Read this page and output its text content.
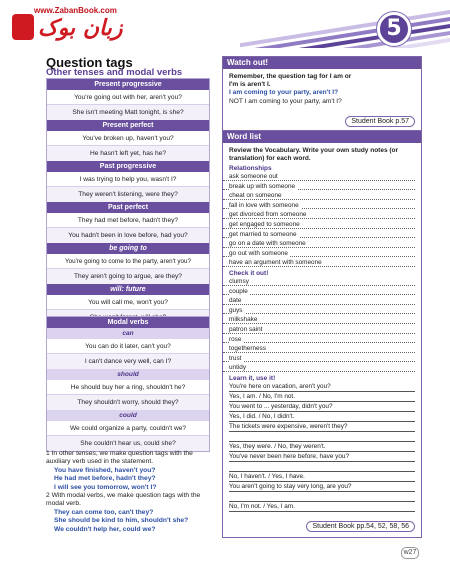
www.ZabanBook.com
زبان بوک	5
Question tags
Other tenses and modal verbs
Present progressive
You're going out with her, aren't you?
She isn't meeting Matt tonight, is she?
Present perfect
You've broken up, haven't you?
He hasn't left yet, has he?
Past progressive
I was trying to help you, wasn't I?
They weren't listening, were they?
Past perfect
They had met before, hadn't they?
You hadn't been in love before, had you?
be going to
You're going to come to the party, aren't you?
They aren't going to argue, are they?
will: future
You will call me, won't you?
Modal verbs
can
You can do it later, can't you?
I can't dance very well, can I?
should
He should buy her a ring, shouldn't he?
They shouldn't worry, should they?
could
We could organize a party, couldn't we?
She couldn't hear us, could she?
1 In other tenses, we make question tags with the auxiliary verb used in the statement.
You have finished, haven't you?
He had met before, hadn't they?
I will see you tomorrow, won't I?
2 With modal verbs, we make question tags with the modal verb.
They can come too, can't they?
She should be kind to him, shouldn't she?
We couldn't help her, could we?
Watch out!
Remember, the question tag for I am or
I'm is aren't I.
I am coming to your party, aren't I?
NOT I am coming to your party, am't I?
Student Book p.57
Word list
Review the Vocabulary. Write your own study notes (or translation) for each word.
Relationships
ask someone out
break up with someone
cheat on someone
fall in love with someone
get divorced from someone
get engaged to someone
get married to someone
go on a date with someone
go out with someone
have an argument with someone
Check it out!
clumsy
couple
date
guys
milkshake
patron saint
rose
togetherness
trust
untidy
Learn it, use it!
You're here on vacation, aren't you?
Yes, I am. / No, I'm not.
You went to ... yesterday, didn't you?
Yes, I did. / No, I didn't.
The tickets were expensive, weren't they?
Yes, they were. / No, they weren't.
You've never been here before, have you?
No, I haven't. / Yes, I have.
You aren't going to stay very long, are you?
No, I'm not. / Yes, I am.
Student Book pp.54, 52, 58, 56
w27
